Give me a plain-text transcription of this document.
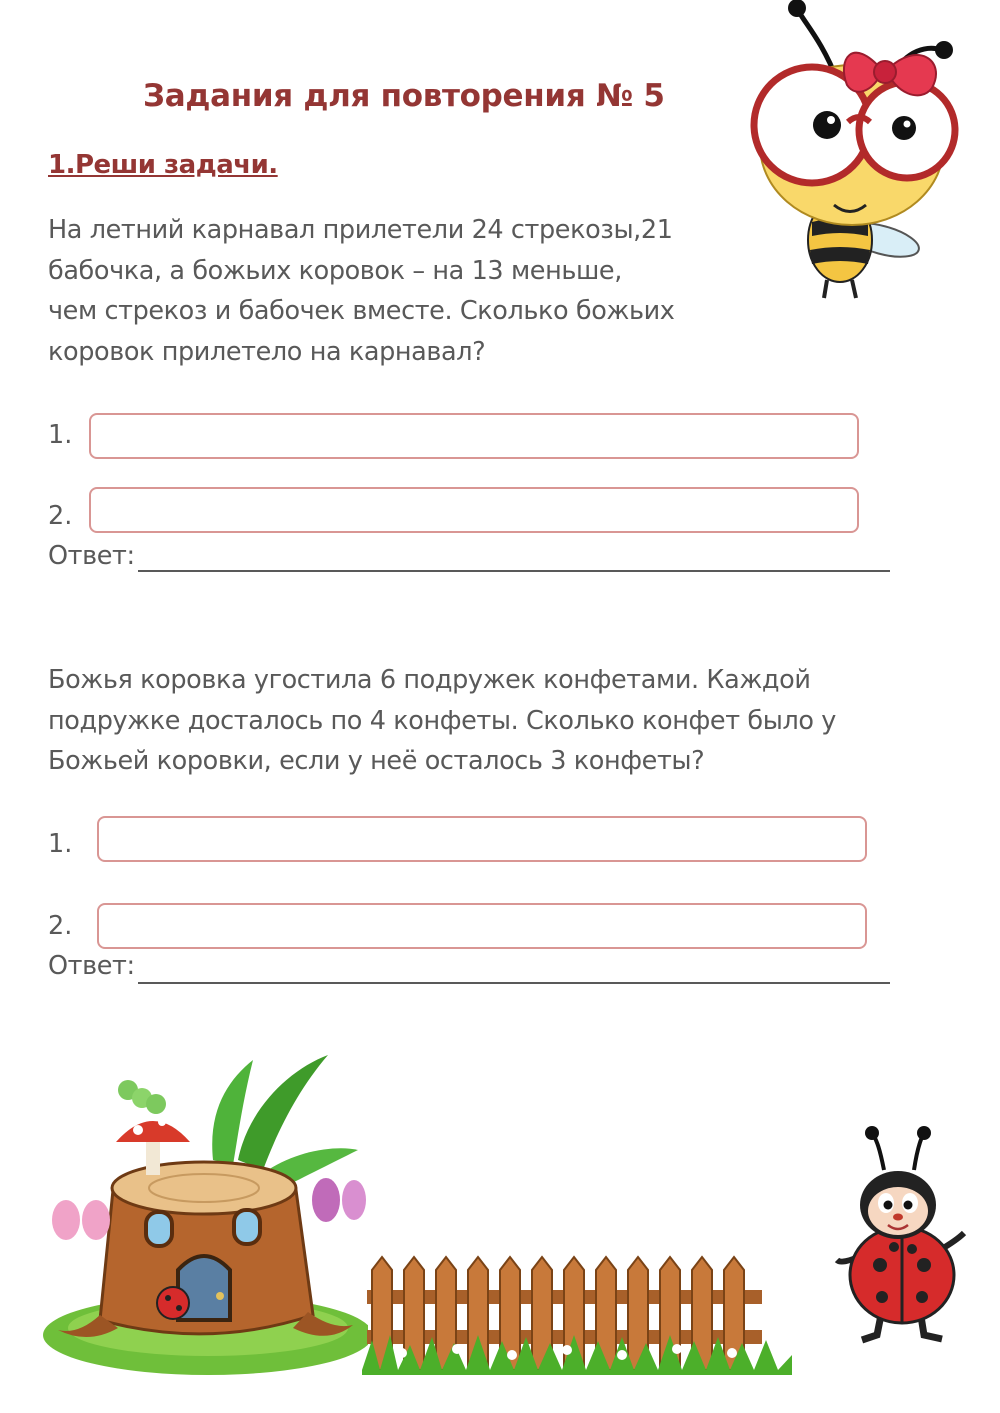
Задания для повторения № 5
1.Реши задачи.

На летний карнавал прилетели 24 стрекозы,21
бабочка, а божьих коровок – на 13 меньше,
чем стрекоз и бабочек вместе. Сколько божьих
коровок прилетело на карнавал?

1.
2.
Ответ:

Божья коровка угостила 6 подружек конфетами. Каждой
подружке досталось по 4 конфеты. Сколько конфет было у
Божьей коровки, если у неё осталось 3 конфеты?

1.
2.
Ответ:
